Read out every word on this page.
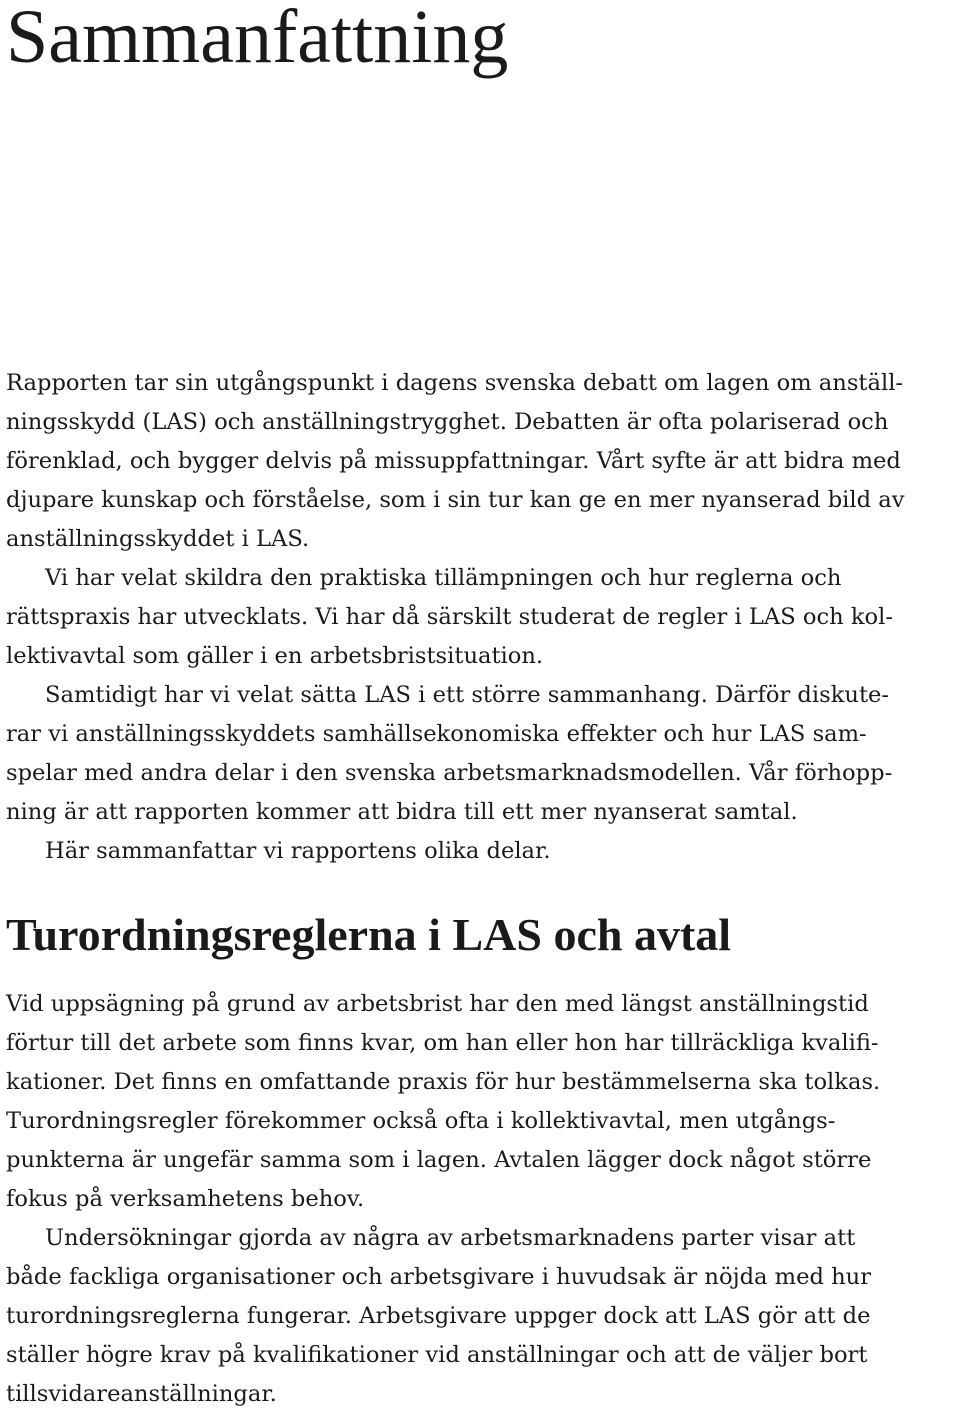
Sammanfattning
Rapporten tar sin utgångspunkt i dagens svenska debatt om lagen om anställ-
ningsskydd (LAS) och anställningstrygghet. Debatten är ofta polariserad och
förenklad, och bygger delvis på missuppfattningar. Vårt syfte är att bidra med
djupare kunskap och förståelse, som i sin tur kan ge en mer nyanserad bild av
anställningsskyddet i LAS.
Vi har velat skildra den praktiska tillämpningen och hur reglerna och
rättspraxis har utvecklats. Vi har då särskilt studerat de regler i LAS och kol-
lektivavtal som gäller i en arbetsbristsituation.
Samtidigt har vi velat sätta LAS i ett större sammanhang. Därför diskute-
rar vi anställningsskyddets samhällsekonomiska effekter och hur LAS sam-
spelar med andra delar i den svenska arbetsmarknadsmodellen. Vår förhopp-
ning är att rapporten kommer att bidra till ett mer nyanserat samtal.
Här sammanfattar vi rapportens olika delar.
Turordningsreglerna i LAS och avtal
Vid uppsägning på grund av arbetsbrist har den med längst anställningstid
förtur till det arbete som finns kvar, om han eller hon har tillräckliga kvalifi-
kationer. Det finns en omfattande praxis för hur bestämmelserna ska tolkas.
Turordningsregler förekommer också ofta i kollektivavtal, men utgångs-
punkterna är ungefär samma som i lagen. Avtalen lägger dock något större
fokus på verksamhetens behov.
Undersökningar gjorda av några av arbetsmarknadens parter visar att
både fackliga organisationer och arbetsgivare i huvudsak är nöjda med hur
turordningsreglerna fungerar. Arbetsgivare uppger dock att LAS gör att de
ställer högre krav på kvalifikationer vid anställningar och att de väljer bort
tillsvidareanställningar.
